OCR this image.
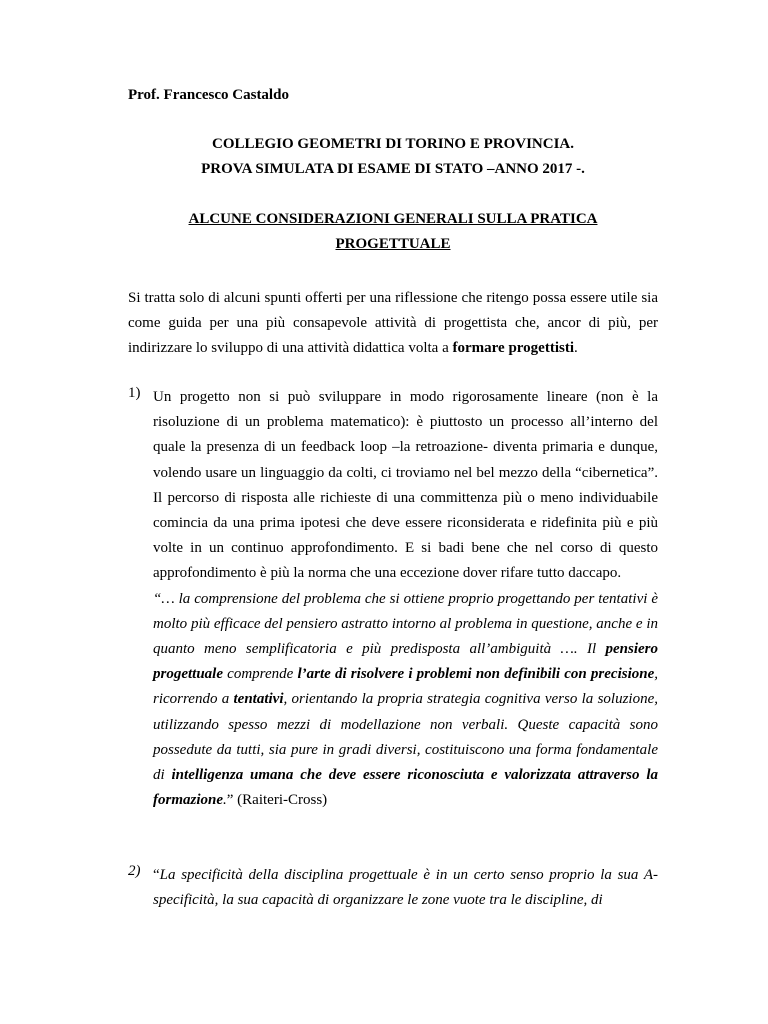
Prof. Francesco Castaldo

COLLEGIO GEOMETRI DI TORINO E PROVINCIA.

PROVA SIMULATA DI ESAME DI STATO –ANNO 2017 -.

ALCUNE CONSIDERAZIONI GENERALI SULLA PRATICA

PROGETTUALE

Si tratta solo di alcuni spunti offerti per una riflessione che ritengo possa essere utile sia come guida per una più consapevole attività di progettista che, ancor di più, per indirizzare lo sviluppo di una attività didattica volta a formare progettisti.

1) Un progetto non si può sviluppare in modo rigorosamente lineare (non è la risoluzione di un problema matematico): è piuttosto un processo all’interno del quale la presenza di un feedback loop –la retroazione- diventa primaria e dunque, volendo usare un linguaggio da colti, ci troviamo nel bel mezzo della “cibernetica”. Il percorso di risposta alle richieste di una committenza più o meno individuabile comincia da una prima ipotesi che deve essere riconsiderata e ridefinita più e più volte in un continuo approfondimento. E si badi bene che nel corso di questo approfondimento è più la norma che una eccezione dover rifare tutto daccapo.
“… la comprensione del problema che si ottiene proprio progettando per tentativi è molto più efficace del pensiero astratto intorno al problema in questione, anche e in quanto meno semplificatoria e più predisposta all’ambiguità …. Il pensiero progettuale comprende l’arte di risolvere i problemi non definibili con precisione, ricorrendo a tentativi, orientando la propria strategia cognitiva verso la soluzione, utilizzando spesso mezzi di modellazione non verbali. Queste capacità sono possedute da tutti, sia pure in gradi diversi, costituiscono una forma fondamentale di intelligenza umana che deve essere riconosciuta e valorizzata attraverso la formazione.” (Raiteri-Cross)
2) “La specificità della disciplina progettuale è in un certo senso proprio la sua A-specificità, la sua capacità di organizzare le zone vuote tra le discipline, di
